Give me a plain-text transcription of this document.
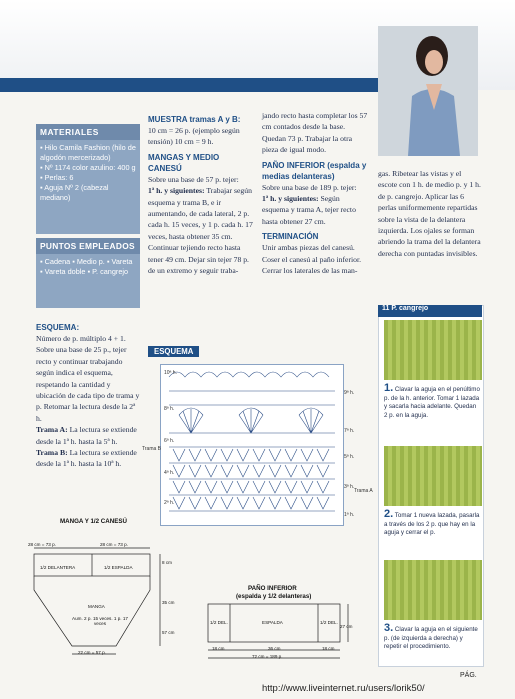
MATERIALES
▪ Hilo Camila Fashion (hilo de algodón mercerizado)
▪ Nº 1174 color azulino: 400 g
▪ Perlas: 6
▪ Aguja Nº 2 (cabezal mediano)
PUNTOS EMPLEADOS
▪ Cadena ▪ Medio p. ▪ Vareta ▪ Vareta doble ▪ P. cangrejo
ESQUEMA:
Número de p. múltiplo 4 + 1. Sobre una base de 25 p., tejer recto y continuar trabajando según indica el esquema, respetando la cantidad y ubicación de cada tipo de trama y p. Retomar la lectura desde la 2ª h.
Trama A: La lectura se extiende desde la 1ª h. hasta la 5ª h.
Trama B: La lectura se extiende desde la 1ª h. hasta la 10ª h.
MUESTRA tramas A y B:
10 cm = 26 p. (ejemplo según tensión) 10 cm = 9 h.
MANGAS Y MEDIO CANESÚ
Sobre una base de 57 p. tejer:
1ª h. y siguientes: Trabajar según esquema y trama B, e ir aumentando, de cada lateral, 2 p. cada h. 15 veces, y 1 p. cada h. 17 veces, hasta obtener 35 cm. Continuar tejiendo recto hasta tener 49 cm. Dejar sin tejer 78 p. de un extremo y seguir traba-
jando recto hasta completar los 57 cm contados desde la base. Quedan 73 p. Trabajar la otra pieza de igual modo.
PAÑO INFERIOR (espalda y medias delanteras)
Sobre una base de 189 p. tejer:
1ª h. y siguientes: Según esquema y trama A, tejer recto hasta obtener 27 cm.
TERMINACIÓN
Unir ambas piezas del canesú. Coser el canesú al paño inferior. Cerrar los laterales de las man-
gas. Ribetear las vistas y el escote con 1 h. de medio p. y 1 h. de p. cangrejo. Aplicar las 6 perlas uniformemente repartidas sobre la vista de la delantera izquierda. Los ojales se forman abriendo la trama del la delantera derecha con puntadas invisibles.
ESQUEMA
10ª h.
8ª h.
6ª h.
4ª h.
2ª h.
9ª h.
7ª h.
5ª h.
3ª h.
1ª h.
Trama B
Trama A
11 P. cangrejo
1. Clavar la aguja en el penúltimo p. de la h. anterior. Tomar 1 lazada y sacarla hacia adelante. Quedan 2 p. en la aguja.
2. Tomar 1 nueva lazada, pasarla a través de los 2 p. que hay en la aguja y cerrar el p.
3. Clavar la aguja en el siguiente p. (de izquierda a derecha) y repetir el procedimiento.
MANGA Y 1/2 CANESÚ
28 cm = 73 p.	28 cm = 73 p.
1/2 DELANTERA	1/2 ESPALDA
MANGA
Aum. 2 p. 15 veces. 1 p. 17 veces
22 cm = 57 p.
8 cm
35 cm
57 cm
PAÑO INFERIOR
(espalda y 1/2 delanteras)
1/2 DEL.	ESPALDA	1/2 DEL.
18 cm	36 cm	18 cm
72 cm = 189 p.
27 cm
PÁG.
http://www.liveinternet.ru/users/lorik50/
